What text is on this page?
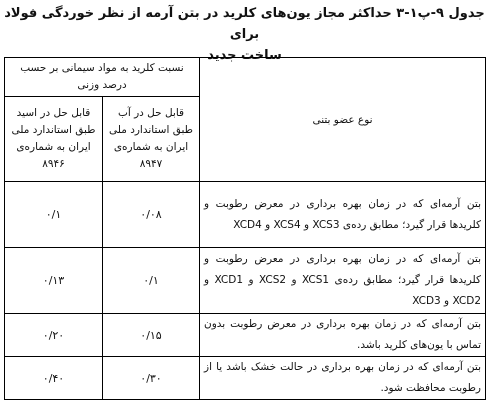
جدول ۹-پ۱-۳ حداکثر مجاز یون‌های کلرید در بتن آرمه از نظر خوردگی فولاد برای
ساخت جدید
نوع عضو بتنی	نسبت کلرید به مواد سیمانی بر حسب درصد وزنی	
	قابل حل در آب طبق استاندارد ملی ایران به شماره‌ی ۸۹۴۷	قابل حل در اسید طبق استاندارد ملی ایران به شماره‌ی ۸۹۴۶
بتن آرمه‌ای که در زمان بهره برداری در معرض رطوبت و کلریدها قرار گیرد؛ مطابق رده‌ی XCS3 و XCS4 و XCD4	۰/۰۸	۰/۱
بتن آرمه‌ای که در زمان بهره برداری در معرض رطوبت و کلریدها قرار گیرد؛ مطابق رده‌ی XCS1 و XCS2 و XCD1 و XCD2 و XCD3	۰/۱	۰/۱۳
بتن آرمه‌ای که در زمان بهره برداری در معرض رطوبت بدون تماس با یون‌های کلرید باشد.	۰/۱۵	۰/۲۰
بتن آرمه‌ای که در زمان بهره برداری در حالت خشک باشد یا از رطوبت محافظت شود.	۰/۳۰	۰/۴۰
